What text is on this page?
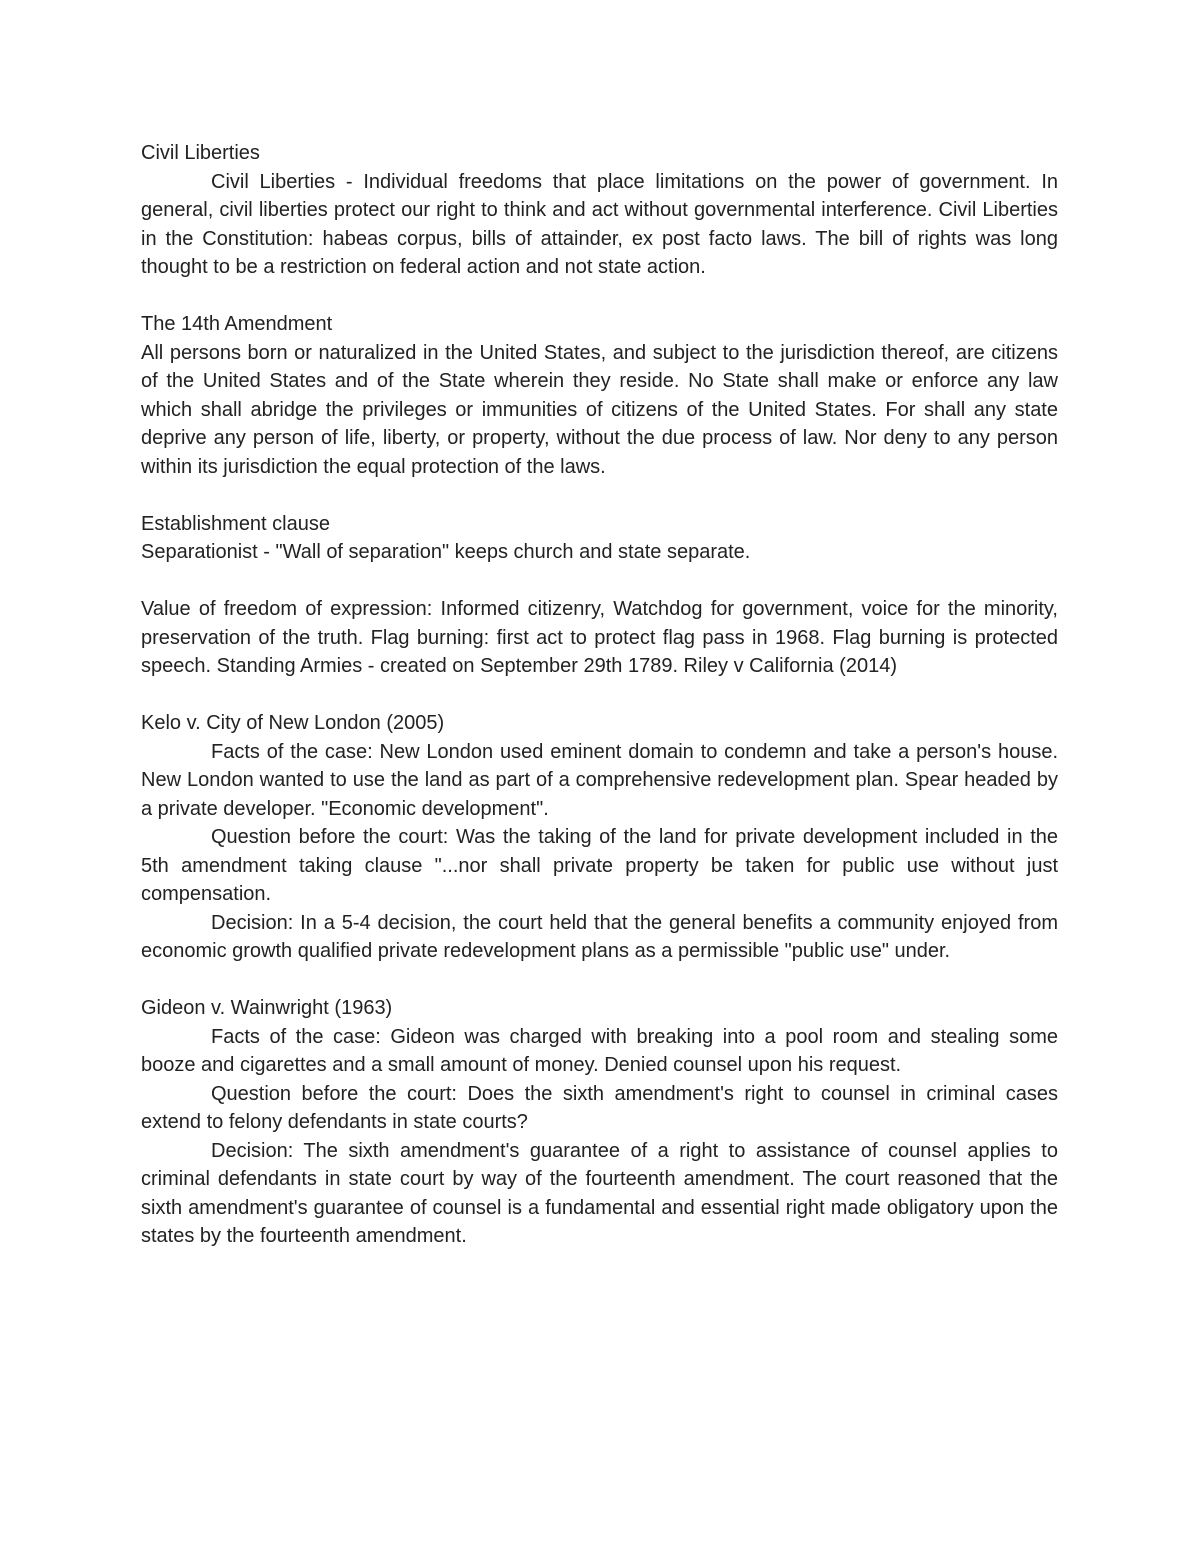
Civil Liberties

Civil Liberties - Individual freedoms that place limitations on the power of government. In general, civil liberties protect our right to think and act without governmental interference. Civil Liberties in the Constitution: habeas corpus, bills of attainder, ex post facto laws. The bill of rights was long thought to be a restriction on federal action and not state action.

The 14th Amendment

All persons born or naturalized in the United States, and subject to the jurisdiction thereof, are citizens of the United States and of the State wherein they reside. No State shall make or enforce any law which shall abridge the privileges or immunities of citizens of the United States. For shall any state deprive any person of life, liberty, or property, without the due process of law. Nor deny to any person within its jurisdiction the equal protection of the laws.

Establishment clause

Separationist - "Wall of separation" keeps church and state separate.

Value of freedom of expression: Informed citizenry, Watchdog for government, voice for the minority, preservation of the truth. Flag burning: first act to protect flag pass in 1968. Flag burning is protected speech. Standing Armies - created on September 29th 1789. Riley v California (2014)

Kelo v. City of New London (2005)

Facts of the case: New London used eminent domain to condemn and take a person's house. New London wanted to use the land as part of a comprehensive redevelopment plan. Spear headed by a private developer. "Economic development".

Question before the court: Was the taking of the land for private development included in the 5th amendment taking clause "...nor shall private property be taken for public use without just compensation.

Decision: In a 5-4 decision, the court held that the general benefits a community enjoyed from economic growth qualified private redevelopment plans as a permissible "public use" under.

Gideon v. Wainwright (1963)

Facts of the case: Gideon was charged with breaking into a pool room and stealing some booze and cigarettes and a small amount of money. Denied counsel upon his request.

Question before the court: Does the sixth amendment's right to counsel in criminal cases extend to felony defendants in state courts?

Decision: The sixth amendment's guarantee of a right to assistance of counsel applies to criminal defendants in state court by way of the fourteenth amendment. The court reasoned that the sixth amendment's guarantee of counsel is a fundamental and essential right made obligatory upon the states by the fourteenth amendment.
